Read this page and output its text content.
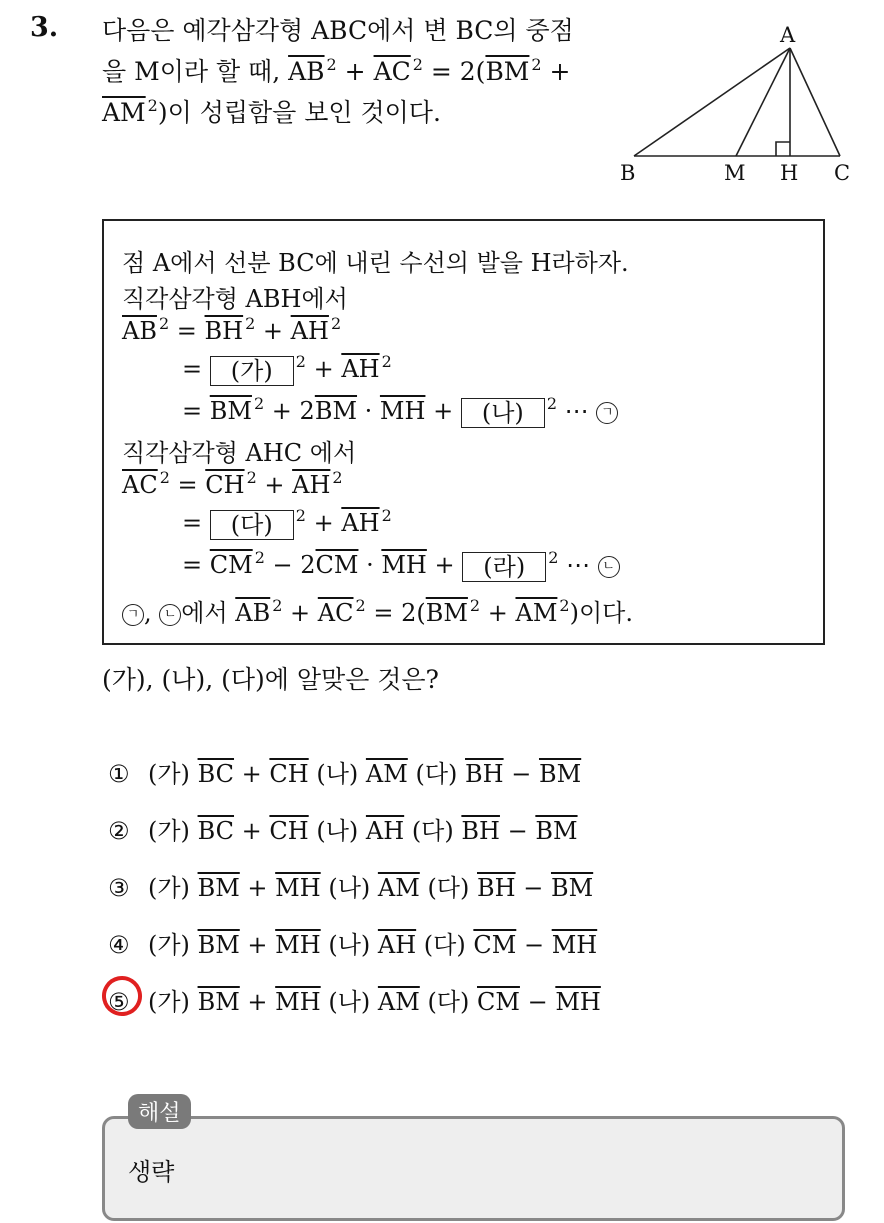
3. 다음은 예각삼각형 ABC에서 변 BC의 중점
을 M이라 할 때, $\overline{AB}$ $^2 + \overline{AC}$ $^2 = 2(\overline{BM}$ $^2$ +
$\overline{AM}$ $^2$)이 성립함을 보인 것이다.
A
B	M H C
점 A에서 선분 BC에 내린 수선의 발을 H라하자.
직각삼각형 ABH에서
$\overline{AB}$ $^2 = \overline{BH}$ $^2 + \overline{AH}$ $^2$
= (가) $^2 + \overline{AH}$ $^2$
= $\overline{BM}$ $^2 + 2\overline{BM} \cdot \overline{MH}$ + (나) $^2$ ⋯ ㄱ
직각삼각형 AHC 에서
$\overline{AC}$ $^2 = \overline{CH}$ $^2 + \overline{AH}$ $^2$
= (다) $^2 + \overline{AH}$ $^2$
= $\overline{CM}$ $^2 - 2\overline{CM} \cdot \overline{MH}$ + (라) $^2$ ⋯ ㄴ
ㄱ , ㄴ 에서 $\overline{AB}$ $^2 + \overline{AC}$ $^2 = 2(\overline{BM}$ $^2 + \overline{AM}$ $^2$)이다.
(가), (나), (다)에 알맞은 것은?
① (가) $\overline{BC} + \overline{CH}$ (나) $\overline{AM}$ (다) $\overline{BH} - \overline{BM}$
② (가) $\overline{BC} + \overline{CH}$ (나) $\overline{AH}$ (다) $\overline{BH} - \overline{BM}$
③ (가) $\overline{BM} + \overline{MH}$ (나) $\overline{AM}$ (다) $\overline{BH} - \overline{BM}$
④ (가) $\overline{BM} + \overline{MH}$ (나) $\overline{AH}$ (다) $\overline{CM} - \overline{MH}$
⑤ (가) $\overline{BM} + \overline{MH}$ (나) $\overline{AM}$ (다) $\overline{CM} - \overline{MH}$
해설
생략
